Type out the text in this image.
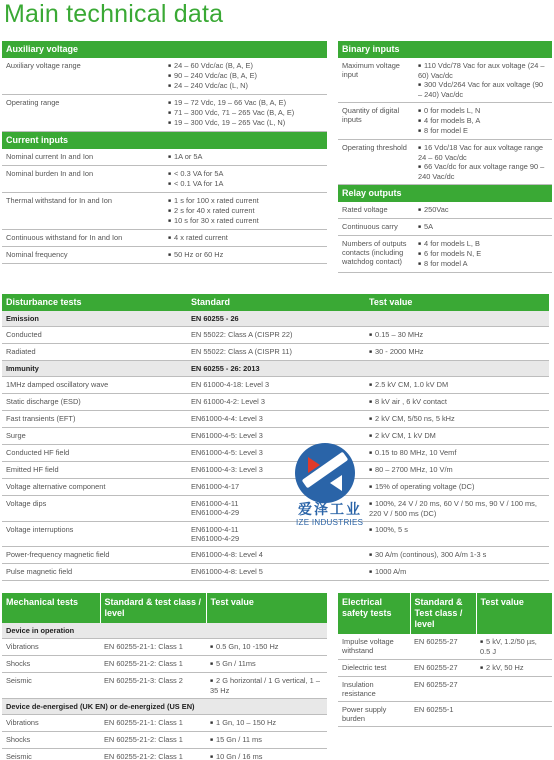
Main technical data
Auxiliary voltage	
Auxiliary voltage range	■ 24 – 60 Vdc/ac (B, A, E)
■ 90 – 240 Vdc/ac (B, A, E)
■ 24 – 240 Vdc/ac (L, N)

Operating range	■ 19 – 72 Vdc, 19 – 66 Vac (B, A, E)
■ 71 – 300 Vdc, 71 – 265 Vac (B, A, E)
■ 19 – 300 Vdc, 19 – 265 Vac (L, N)

Current inputs	
Nominal current In and Ion	■ 1A or 5A

Nominal burden In and Ion	■ < 0.3 VA for 5A
■ < 0.1 VA for 1A

Thermal withstand for In and Ion	■ 1 s for 100 x rated current
■ 2 s for 40 x rated current
■ 10 s for 30 x rated current

Continuous withstand for In and Ion	■ 4 x rated current

Nominal frequency	■ 50 Hz or 60 Hz
Binary inputs	
Maximum voltage input	■ 110 Vdc/78 Vac for aux voltage (24 – 60) Vac/dc
■ 300 Vdc/264 Vac for aux voltage (90 – 240) Vac/dc

Quantity of digital inputs	■ 0 for models L, N
■ 4 for models B, A
■ 8 for model E

Operating threshold	■ 16 Vdc/18 Vac for aux voltage range 24 – 60 Vac/dc
■ 66 Vac/dc for aux voltage range 90 – 240 Vac/dc

Relay outputs	
Rated voltage	■ 250Vac

Continuous carry	■ 5A

Numbers of outputs contacts (including watchdog contact)	■ 4 for models L, B
■ 6 for models N, E
■ 8 for model A
Disturbance tests	Standard	Test value
Emission	EN 60255 - 26	
Conducted	EN 55022: Class A (CISPR 22)	■ 0.15 – 30 MHz

Radiated	EN 55022: Class A (CISPR 11)	■ 30 - 2000 MHz

Immunity	EN 60255 - 26: 2013	
1MHz damped oscillatory wave	EN 61000-4-18: Level 3	■ 2.5 kV CM, 1.0 kV DM

Static discharge (ESD)	EN 61000-4-2: Level 3	■ 8 kV air , 6 kV contact

Fast transients (EFT)	EN61000-4-4: Level 3	■ 2 kV CM, 5/50 ns, 5 kHz

Surge	EN61000-4-5: Level 3	■ 2 kV CM, 1 kV DM

Conducted HF field	EN61000-4-5: Level 3	■ 0.15 to 80 MHz, 10 Vemf

Emitted HF field	EN61000-4-3: Level 3	■ 80 – 2700 MHz, 10 V/m

Voltage alternative component	EN61000-4-17	■ 15% of operating voltage (DC)

Voltage dips	EN61000-4-11
EN61000-4-29	■ 100%, 24 V / 20 ms, 60 V / 50 ms, 90 V / 100 ms, 220 V / 500 ms (DC)

Voltage interruptions	EN61000-4-11
EN61000-4-29	■ 100%, 5 s

Power-frequency magnetic field	EN61000-4-8: Level 4	■ 30 A/m (continous), 300 A/m 1-3 s

Pulse magnetic field	EN61000-4-8: Level 5	■ 1000 A/m
Mechanical tests	Standard & test class / level	Test value
Device in operation		
Vibrations	EN 60255-21-1: Class 1	■ 0.5 Gn, 10 -150 Hz

Shocks	EN 60255-21-2: Class 1	■ 5 Gn / 11ms

Seismic	EN 60255-21-3: Class 2	■ 2 G horizontal / 1 G vertical, 1 – 35 Hz

Device de-energised (UK EN) or de-energized (US EN)		
Vibrations	EN 60255-21-1: Class 1	■ 1 Gn, 10 – 150 Hz

Shocks	EN 60255-21-2: Class 1	■ 15 Gn / 11 ms

Seismic	EN 60255-21-2: Class 1	■ 10 Gn / 16 ms
Electrical safety tests	Standard & Test class / level	Test value
Impulse voltage withstand	EN 60255-27	■ 5 kV, 1.2/50 µs, 0.5 J

Dielectric test	EN 60255-27	■ 2 kV, 50 Hz

Insulation resistance	EN 60255-27	
Power supply burden	EN 60255-1	
爱泽工业
IZE INDUSTRIES
